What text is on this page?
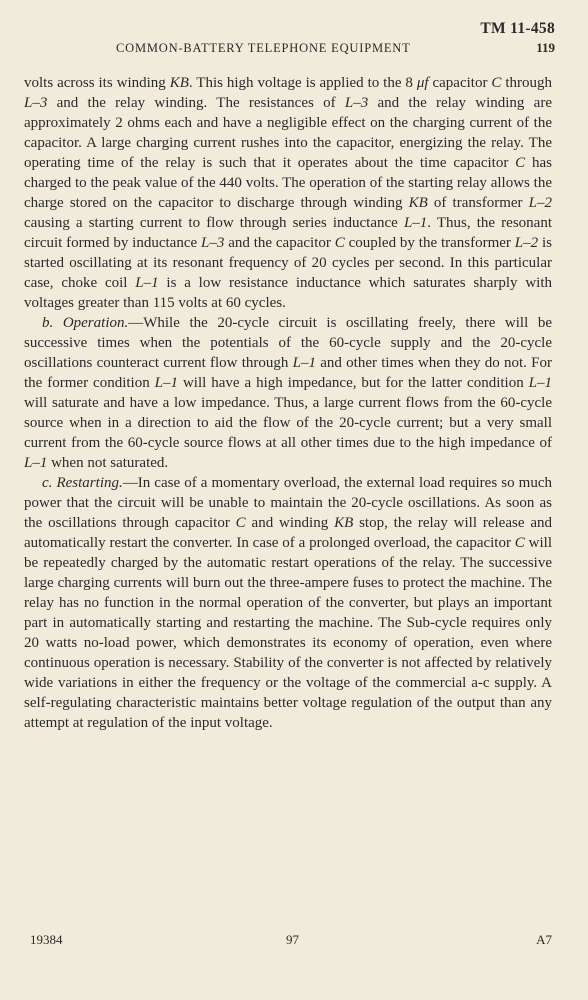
TM 11-458
COMMON-BATTERY TELEPHONE EQUIPMENT	119

volts across its winding KB. This high voltage is applied to the 8 μf capacitor C through L–3 and the relay winding. The resistances of L–3 and the relay winding are approximately 2 ohms each and have a negligible effect on the charging current of the capacitor. A large charging current rushes into the capacitor, energizing the relay. The operating time of the relay is such that it operates about the time capacitor C has charged to the peak value of the 440 volts. The operation of the starting relay allows the charge stored on the capacitor to discharge through winding KB of transformer L–2 causing a starting current to flow through series inductance L–1. Thus, the resonant circuit formed by inductance L–3 and the capacitor C coupled by the transformer L–2 is started oscillating at its resonant frequency of 20 cycles per second. In this particular case, choke coil L–1 is a low resistance inductance which saturates sharply with voltages greater than 115 volts at 60 cycles.

b. Operation.—While the 20-cycle circuit is oscillating freely, there will be successive times when the potentials of the 60-cycle supply and the 20-cycle oscillations counteract current flow through L–1 and other times when they do not. For the former condition L–1 will have a high impedance, but for the latter condition L–1 will saturate and have a low impedance. Thus, a large current flows from the 60-cycle source when in a direction to aid the flow of the 20-cycle current; but a very small current from the 60-cycle source flows at all other times due to the high impedance of L–1 when not saturated.

c. Restarting.—In case of a momentary overload, the external load requires so much power that the circuit will be unable to maintain the 20-cycle oscillations. As soon as the oscillations through capacitor C and winding KB stop, the relay will release and automatically restart the converter. In case of a prolonged overload, the capacitor C will be repeatedly charged by the automatic restart operations of the relay. The successive large charging currents will burn out the three-ampere fuses to protect the machine. The relay has no function in the normal operation of the converter, but plays an important part in automatically starting and restarting the machine. The Sub-cycle requires only 20 watts no-load power, which demonstrates its economy of operation, even where continuous operation is necessary. Stability of the converter is not affected by relatively wide variations in either the frequency or the voltage of the commercial a-c supply. A self-regulating characteristic maintains better voltage regulation of the output than any attempt at regulation of the input voltage.

19384	97	A7
